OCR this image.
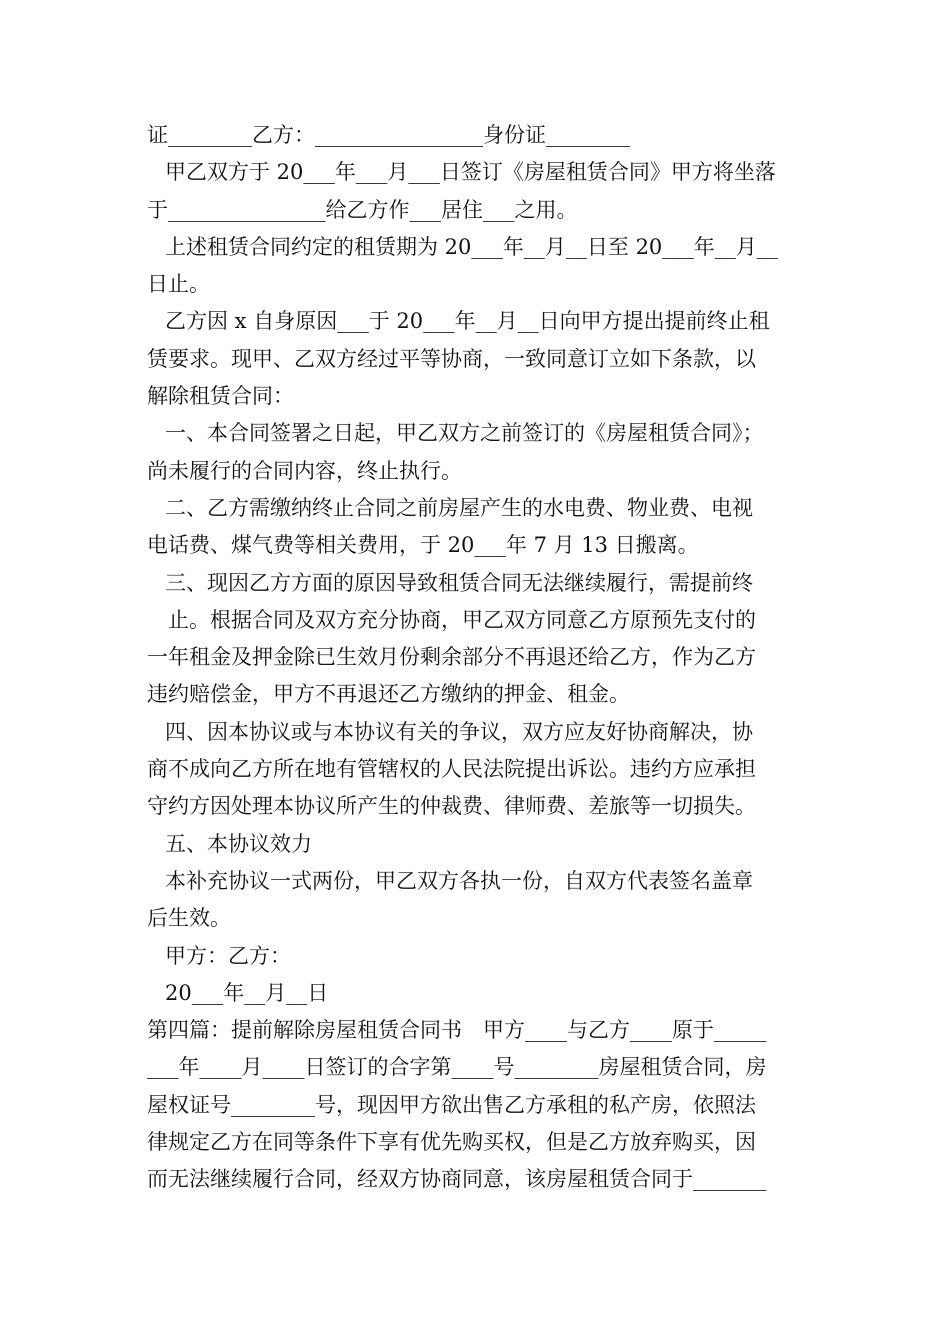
证________乙方：________________身份证________
甲乙双方于 20___年___月___日签订《房屋租赁合同》甲方将坐落
于_______________给乙方作___居住___之用。
上述租赁合同约定的租赁期为 20___年__月__日至 20___年__月__
日止。
乙方因 x 自身原因___于 20___年__月__日向甲方提出提前终止租
赁要求。现甲、乙双方经过平等协商，一致同意订立如下条款，以
解除租赁合同：
一、本合同签署之日起，甲乙双方之前签订的《房屋租赁合同》；
尚未履行的合同内容，终止执行。
二、乙方需缴纳终止合同之前房屋产生的水电费、物业费、电视
电话费、煤气费等相关费用，于 20___年 7 月 13 日搬离。
三、现因乙方方面的原因导致租赁合同无法继续履行，需提前终
止。根据合同及双方充分协商，甲乙双方同意乙方原预先支付的
一年租金及押金除已生效月份剩余部分不再退还给乙方，作为乙方
违约赔偿金，甲方不再退还乙方缴纳的押金、租金。
四、因本协议或与本协议有关的争议，双方应友好协商解决，协
商不成向乙方所在地有管辖权的人民法院提出诉讼。违约方应承担
守约方因处理本协议所产生的仲裁费、律师费、差旅等一切损失。
五、本协议效力
本补充协议一式两份，甲乙双方各执一份，自双方代表签名盖章
后生效。
甲方：乙方：
20___年__月__日
第四篇：提前解除房屋租赁合同书　甲方____与乙方____原于_____
___年____月____日签订的合字第____号________房屋租赁合同，房
屋权证号________号，现因甲方欲出售乙方承租的私产房，依照法
律规定乙方在同等条件下享有优先购买权，但是乙方放弃购买，因
而无法继续履行合同，经双方协商同意，该房屋租赁合同于_______
